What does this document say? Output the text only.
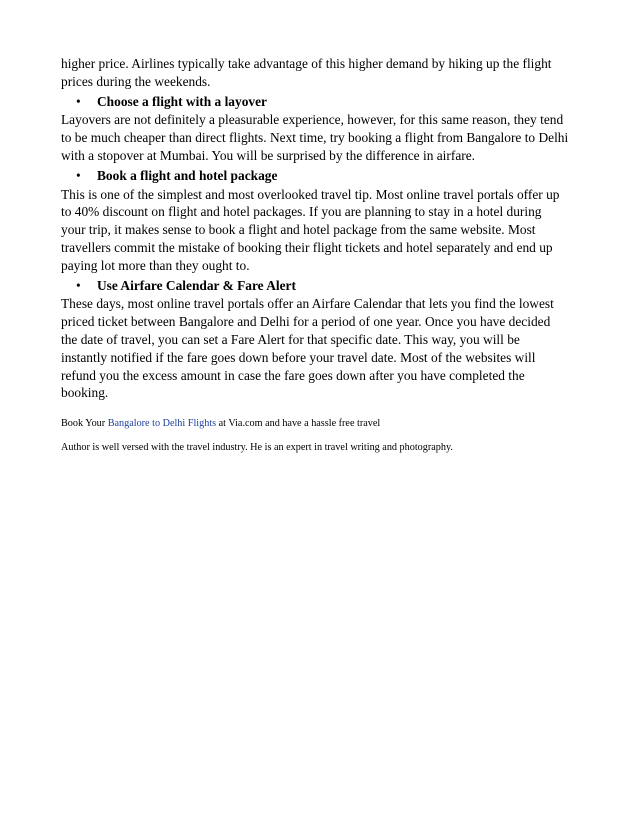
higher price. Airlines typically take advantage of this higher demand by hiking up the flight prices during the weekends.

• Choose a flight with a layover

Layovers are not definitely a pleasurable experience, however, for this same reason, they tend to be much cheaper than direct flights. Next time, try booking a flight from Bangalore to Delhi with a stopover at Mumbai. You will be surprised by the difference in airfare.

• Book a flight and hotel package

This is one of the simplest and most overlooked travel tip. Most online travel portals offer up to 40% discount on flight and hotel packages. If you are planning to stay in a hotel during your trip, it makes sense to book a flight and hotel package from the same website. Most travellers commit the mistake of booking their flight tickets and hotel separately and end up paying lot more than they ought to.

• Use Airfare Calendar & Fare Alert

These days, most online travel portals offer an Airfare Calendar that lets you find the lowest priced ticket between Bangalore and Delhi for a period of one year. Once you have decided the date of travel, you can set a Fare Alert for that specific date. This way, you will be instantly notified if the fare goes down before your travel date. Most of the websites will refund you the excess amount in case the fare goes down after you have completed the booking.

Book Your Bangalore to Delhi Flights at Via.com and have a hassle free travel

Author is well versed with the travel industry. He is an expert in travel writing and photography.
